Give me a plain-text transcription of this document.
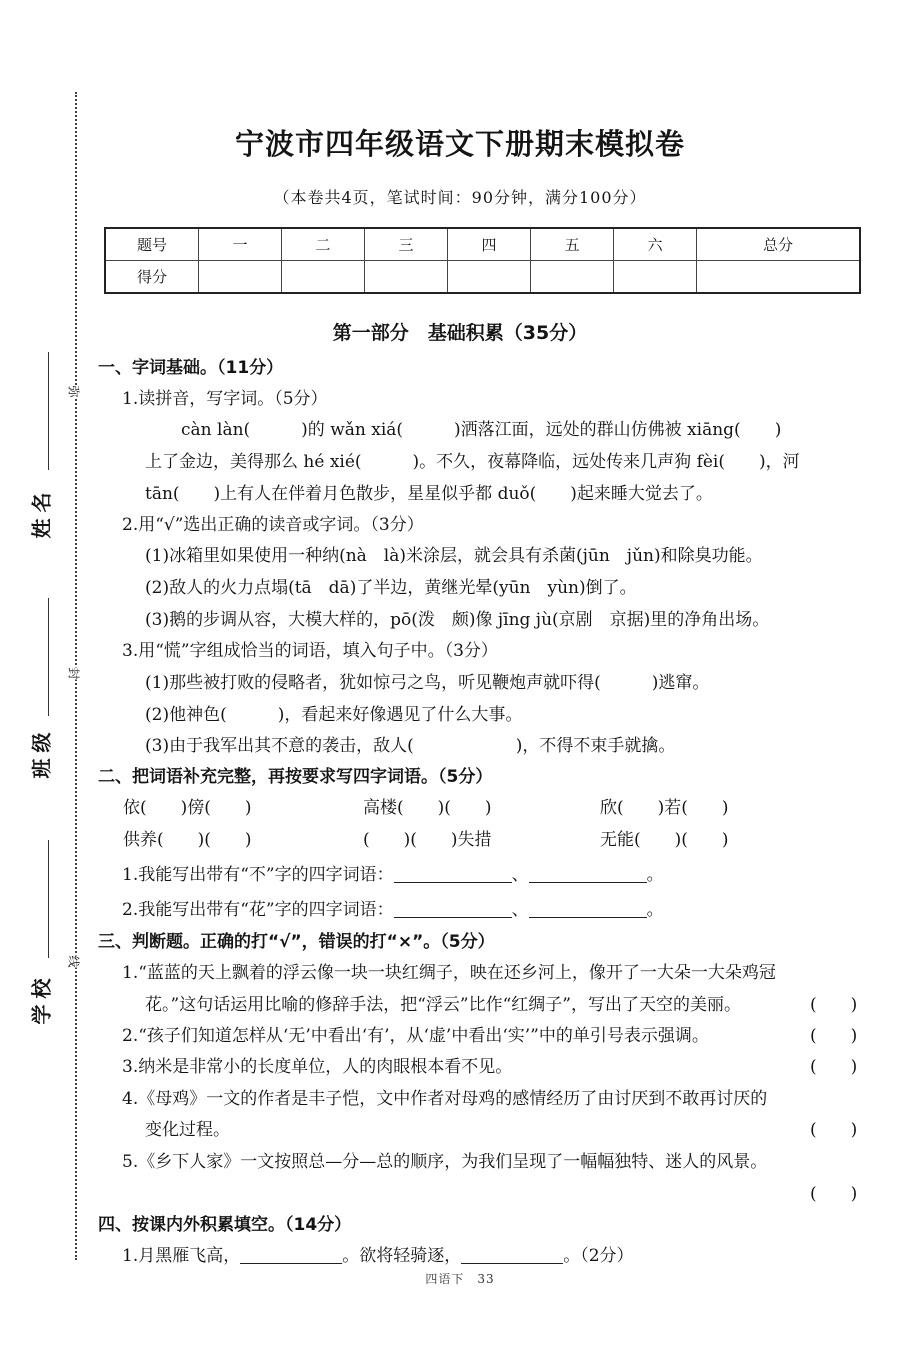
姓名
班级
学校
弥
封
线
宁波市四年级语文下册期末模拟卷
（本卷共4页，笔试时间：90分钟，满分100分）
题号	一	二	三	四	五	六	总分
得分							
第一部分　基础积累（35分）
一、字词基础。（11分）
1.读拼音，写字词。（5分）
càn làn(　　　)的 wǎn xiá(　　　)洒落江面，远处的群山仿佛被 xiāng(　　)
上了金边，美得那么 hé xié(　　　)。不久，夜幕降临，远处传来几声狗 fèi(　　)，河
tān(　　)上有人在伴着月色散步，星星似乎都 duǒ(　　)起来睡大觉去了。
2.用“√”选出正确的读音或字词。（3分）
(1)冰箱里如果使用一种纳(nà　là)米涂层，就会具有杀菌(jūn　jǔn)和除臭功能。
(2)敌人的火力点塌(tā　dā)了半边，黄继光晕(yūn　yùn)倒了。
(3)鹅的步调从容，大模大样的，pō(泼　颇)像 jīng jù(京剧　京据)里的净角出场。
3.用“慌”字组成恰当的词语，填入句子中。（3分）
(1)那些被打败的侵略者，犹如惊弓之鸟，听见鞭炮声就吓得(　　　)逃窜。
(2)他神色(　　　)，看起来好像遇见了什么大事。
(3)由于我军出其不意的袭击，敌人(　　　　　　)，不得不束手就擒。
二、把词语补充完整，再按要求写四字词语。（5分）
依(　　)傍(　　)	高楼(　　)(　　)	欣(　　)若(　　)
供养(　　)(　　)	(　　)(　　)失措	无能(　　)(　　)
1.我能写出带有“不”字的四字词语：	、	。
2.我能写出带有“花”字的四字词语：	、	。
三、判断题。正确的打“√”，错误的打“×”。（5分）
1.“蓝蓝的天上飘着的浮云像一块一块红绸子，映在还乡河上，像开了一大朵一大朵鸡冠
花。”这句话运用比喻的修辞手法，把“浮云”比作“红绸子”，写出了天空的美丽。	(　　)
2.“孩子们知道怎样从‘无’中看出‘有’，从‘虚’中看出‘实’”中的单引号表示强调。	(　　)
3.纳米是非常小的长度单位，人的肉眼根本看不见。	(　　)
4.《母鸡》一文的作者是丰子恺，文中作者对母鸡的感情经历了由讨厌到不敢再讨厌的
变化过程。	(　　)
5.《乡下人家》一文按照总—分—总的顺序，为我们呈现了一幅幅独特、迷人的风景。
(　　)
四、按课内外积累填空。（14分）
1.月黑雁飞高，	。欲将轻骑逐，	。（2分）
四语下　33
